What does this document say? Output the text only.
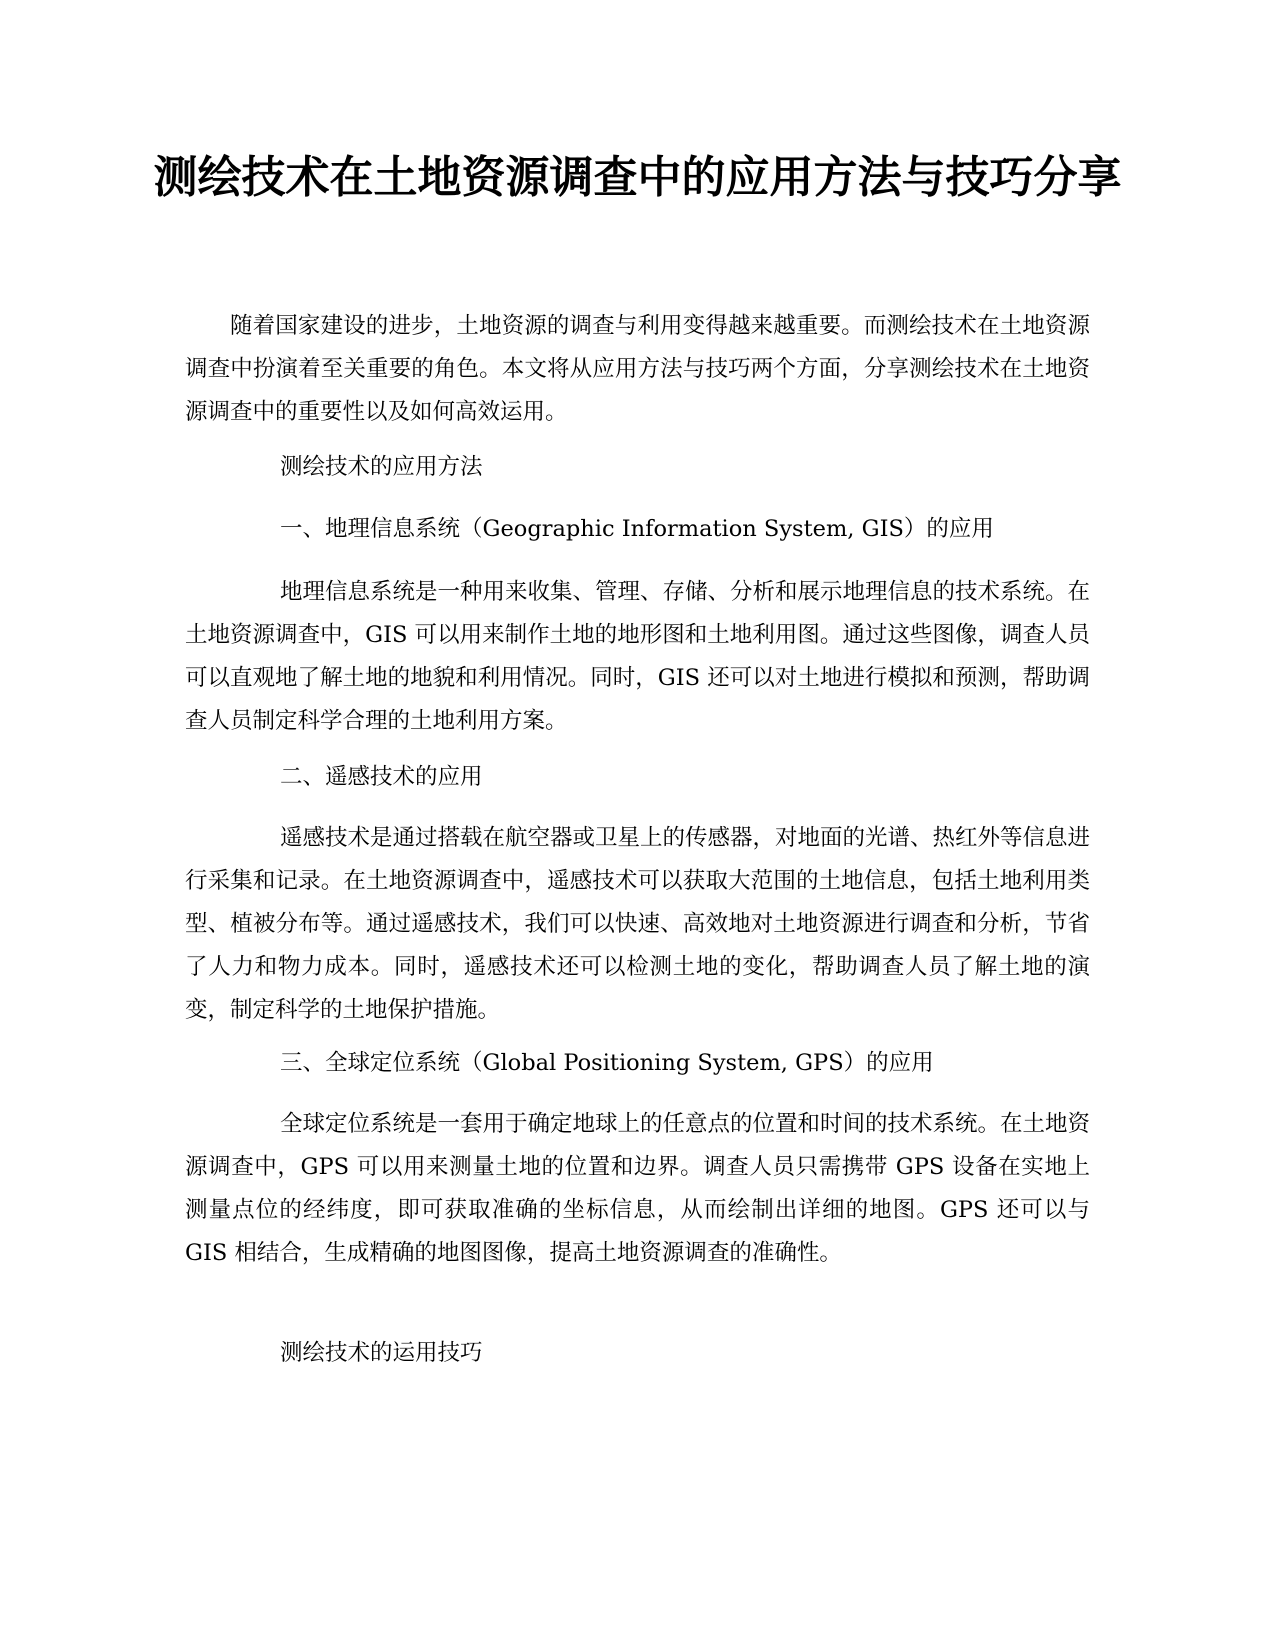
测绘技术在土地资源调查中的应用方法与技巧分享

随着国家建设的进步，土地资源的调查与利用变得越来越重要。而测绘技术在土地资源调查中扮演着至关重要的角色。本文将从应用方法与技巧两个方面，分享测绘技术在土地资源调查中的重要性以及如何高效运用。

测绘技术的应用方法

一、地理信息系统（Geographic Information System, GIS）的应用

地理信息系统是一种用来收集、管理、存储、分析和展示地理信息的技术系统。在土地资源调查中，GIS 可以用来制作土地的地形图和土地利用图。通过这些图像，调查人员可以直观地了解土地的地貌和利用情况。同时，GIS 还可以对土地进行模拟和预测，帮助调查人员制定科学合理的土地利用方案。

二、遥感技术的应用

遥感技术是通过搭载在航空器或卫星上的传感器，对地面的光谱、热红外等信息进行采集和记录。在土地资源调查中，遥感技术可以获取大范围的土地信息，包括土地利用类型、植被分布等。通过遥感技术，我们可以快速、高效地对土地资源进行调查和分析，节省了人力和物力成本。同时，遥感技术还可以检测土地的变化，帮助调查人员了解土地的演变，制定科学的土地保护措施。

三、全球定位系统（Global Positioning System, GPS）的应用

全球定位系统是一套用于确定地球上的任意点的位置和时间的技术系统。在土地资源调查中，GPS 可以用来测量土地的位置和边界。调查人员只需携带 GPS 设备在实地上测量点位的经纬度，即可获取准确的坐标信息，从而绘制出详细的地图。GPS 还可以与 GIS 相结合，生成精确的地图图像，提高土地资源调查的准确性。

测绘技术的运用技巧
